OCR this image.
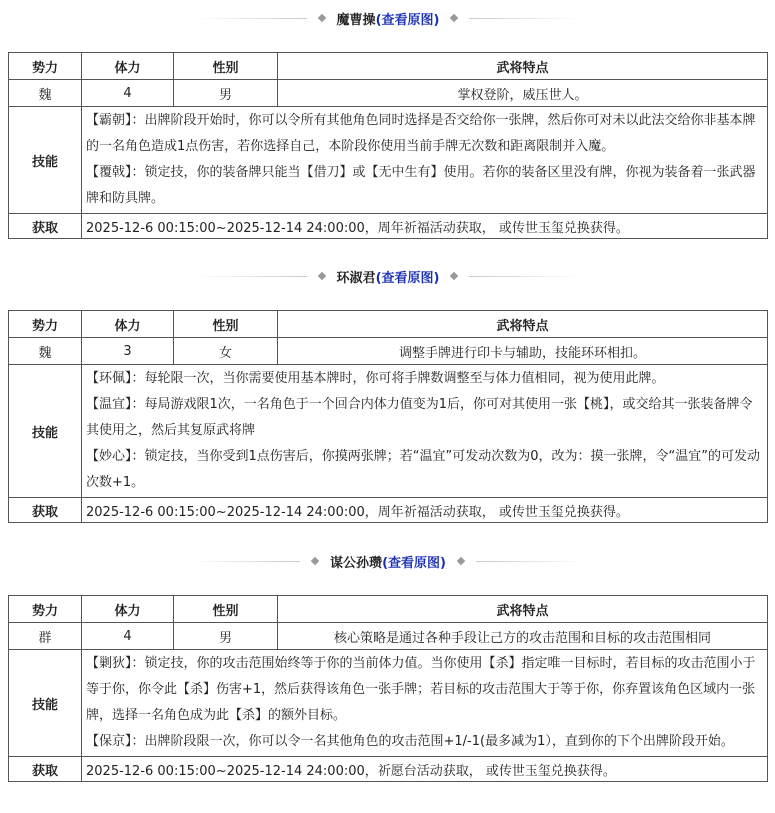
魔曹操(查看原图)
势力	体力	性别	武将特点
魏	4	男	掌权登阶，威压世人。
技能	【霸朝】：出牌阶段开始时，你可以令所有其他角色同时选择是否交给你一张牌，然后你可对未以此法交给你非基本牌的一名角色造成1点伤害，若你选择自己，本阶段你使用当前手牌无次数和距离限制并入魔。
【覆戟】：锁定技，你的装备牌只能当【借刀】或【无中生有】使用。若你的装备区里没有牌，你视为装备着一张武器牌和防具牌。		

获取	2025-12-6 00:15:00~2025-12-14 24:00:00，周年祈福活动获取， 或传世玉玺兑换获得。		
环淑君(查看原图)
势力	体力	性别	武将特点
魏	3	女	调整手牌进行印卡与辅助，技能环环相扣。
技能	【环佩】：每轮限一次，当你需要使用基本牌时，你可将手牌数调整至与体力值相同，视为使用此牌。
【温宜】：每局游戏限1次，一名角色于一个回合内体力值变为1后，你可对其使用一张【桃】，或交给其一张装备牌令其使用之，然后其复原武将牌
【妙心】：锁定技，当你受到1点伤害后，你摸两张牌；若“温宜”可发动次数为0，改为：摸一张牌，令“温宜”的可发动次数+1。		

获取	2025-12-6 00:15:00~2025-12-14 24:00:00，周年祈福活动获取， 或传世玉玺兑换获得。		
谋公孙瓒(查看原图)
势力	体力	性别	武将特点
群	4	男	核心策略是通过各种手段让己方的攻击范围和目标的攻击范围相同
技能	【剿狄】：锁定技，你的攻击范围始终等于你的当前体力值。当你使用【杀】指定唯一目标时，若目标的攻击范围小于等于你，你令此【杀】伤害+1，然后获得该角色一张手牌；若目标的攻击范围大于等于你，你弃置该角色区域内一张牌，选择一名角色成为此【杀】的额外目标。
【保京】：出牌阶段限一次，你可以令一名其他角色的攻击范围+1/-1(最多减为1），直到你的下个出牌阶段开始。		

获取	2025-12-6 00:15:00~2025-12-14 24:00:00，祈愿台活动获取， 或传世玉玺兑换获得。		
